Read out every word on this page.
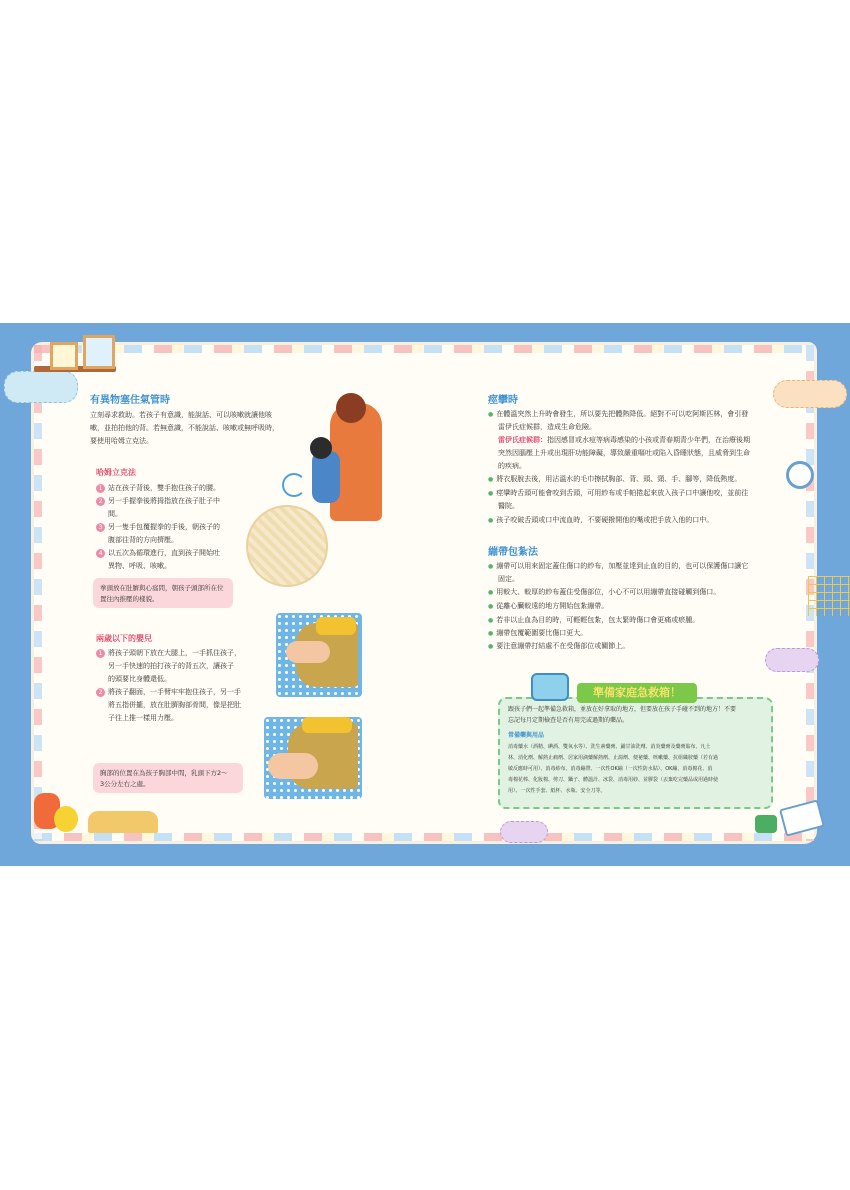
有異物塞住氣管時
立刻尋求救助。若孩子有意識，能說話、可以咳嗽就讓他咳
嗽，並拍拍他的背。若無意識，不能說話、咳嗽或無呼吸時，
要使用哈姆立克法。
哈姆立克法
1 站在孩子背後，雙手抱住孩子的腰。
2 另一手握拳後將拇指放在孩子肚子中
間。
3 另一隻手包覆握拳的手後，朝孩子的
腹部往背的方向擠壓。
4 以五次為循環進行，直到孩子開始吐
異物、呼吸、咳嗽。
拳頭放在肚臍與心窩間，朝孩子頭部所在位
置往內推壓的樣貌。
兩歲以下的嬰兒
1 將孩子頭朝下放在大腿上，一手抓住孩子，
另一手快速的拍打孩子的背五次，讓孩子
的頭要比身體還低。
2 將孩子翻面，一手臂牢牢抱住孩子，另一手
將五指併攏，放在肚臍胸部骨間，像是把肚
子往上推一樣用力壓。
胸部的位置在為孩子胸部中間，乳頭下方2～
3公分左右之處。
痙攣時
● 在體溫突然上升時會發生，所以要先把體熱降低。絕對不可以吃阿斯匹林，會引發
雷伊氏症候群，造成生命危險。
雷伊氏症候群：指因感冒或水痘等病毒感染的小孩或青春期青少年們，在治療後期
突然因腦壓上升或出現肝功能障礙，導致嚴重嘔吐或陷入昏睡狀態，且威脅到生命
的疾病。
● 將衣服脫去後，用沾溫水的毛巾擦拭胸部、背、頭、頸、手、腳等，降低熱度。
● 痙攣時舌頭可能會咬到舌頭，可用紗布或手帕捲起來放入孩子口中讓他咬，並前往
醫院。
● 孩子咬破舌頭或口中流血時，不要硬撥開他的嘴或把手放入他的口中。
繃帶包紮法
● 繃帶可以用來固定蓋住傷口的紗布，加壓並達到止血的目的，也可以保護傷口讓它
固定。
● 用較大、較厚的紗布蓋住受傷部位，小心不可以用繃帶直接碰觸到傷口。
● 從離心臟較遠的地方開始包紮繃帶。
● 若非以止血為目的時，可輕輕包紮，包太緊時傷口會更痛或瘀腫。
● 繃帶包覆範圍要比傷口更大。
● 要注意繃帶打結處不在受傷部位或關節上。
準備家庭急救箱！
跟孩子們一起準備急救箱，並放在好拿取的地方，但要放在孩子手碰不到的地方！不要
忘記每月定期檢查是否有用完或過期的藥品。
常備藥與用品
消毒藥水（酒精、碘酒、雙氧水等）、洗生素藥膏、鋪甘油洗劑、消炎藥膏及藥膏貼布、凡士
林、消化劑、解熱止痛劑、居家用滴藥解熱劑、止瀉劑、便祕藥、咳嗽藥、抗組織胺藥（若有過
敏反應時可用）、消毒紗布、消毒繃帶、一次性OK繃（一次性防水貼）、OK繃、消毒棉花、消
毒棉花棒、化妝棉、剪刀、鑷子、體溫計、冰袋、消毒用紗、並膠袋（丟棄吃完藥品或用過時使
用）、一次性手套、紙杯、水瓶、安全刀等。
